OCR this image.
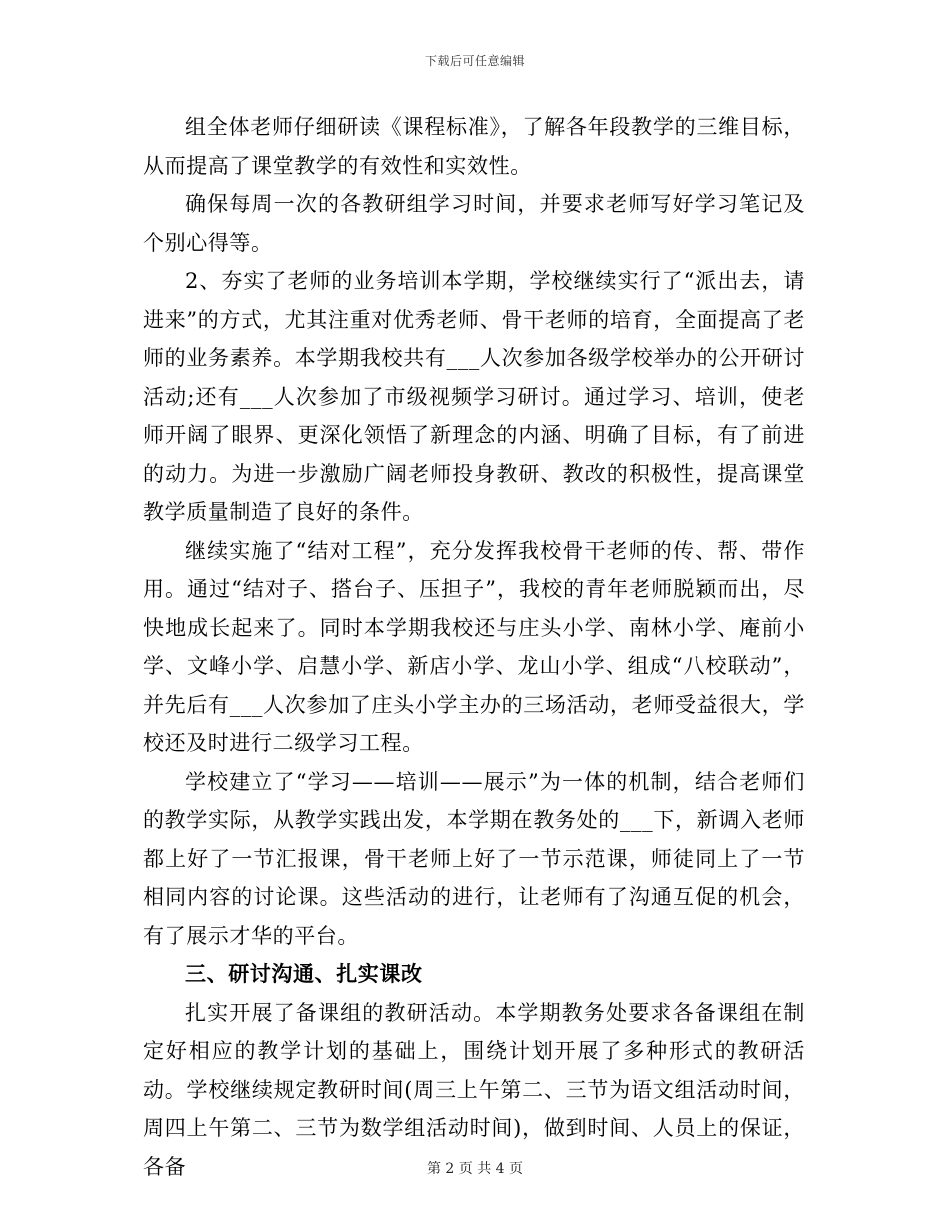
下载后可任意编辑

组全体老师仔细研读《课程标准》，了解各年段教学的三维目标，从而提高了课堂教学的有效性和实效性。

确保每周一次的各教研组学习时间，并要求老师写好学习笔记及个别心得等。

2、夯实了老师的业务培训本学期，学校继续实行了“派出去，请进来”的方式，尤其注重对优秀老师、骨干老师的培育，全面提高了老师的业务素养。本学期我校共有___人次参加各级学校举办的公开研讨活动;还有___人次参加了市级视频学习研讨。通过学习、培训，使老师开阔了眼界、更深化领悟了新理念的内涵、明确了目标，有了前进的动力。为进一步激励广阔老师投身教研、教改的积极性，提高课堂教学质量制造了良好的条件。

继续实施了“结对工程”，充分发挥我校骨干老师的传、帮、带作用。通过“结对子、搭台子、压担子”，我校的青年老师脱颖而出，尽快地成长起来了。同时本学期我校还与庄头小学、南林小学、庵前小学、文峰小学、启慧小学、新店小学、龙山小学、组成“八校联动”，并先后有___人次参加了庄头小学主办的三场活动，老师受益很大，学校还及时进行二级学习工程。

学校建立了“学习——培训——展示”为一体的机制，结合老师们的教学实际，从教学实践出发，本学期在教务处的___下，新调入老师都上好了一节汇报课，骨干老师上好了一节示范课，师徒同上了一节相同内容的讨论课。这些活动的进行，让老师有了沟通互促的机会，有了展示才华的平台。

三、研讨沟通、扎实课改

扎实开展了备课组的教研活动。本学期教务处要求各备课组在制定好相应的教学计划的基础上，围绕计划开展了多种形式的教研活动。学校继续规定教研时间(周三上午第二、三节为语文组活动时间，周四上午第二、三节为数学组活动时间)，做到时间、人员上的保证，各备	第 2 页 共 4 页
